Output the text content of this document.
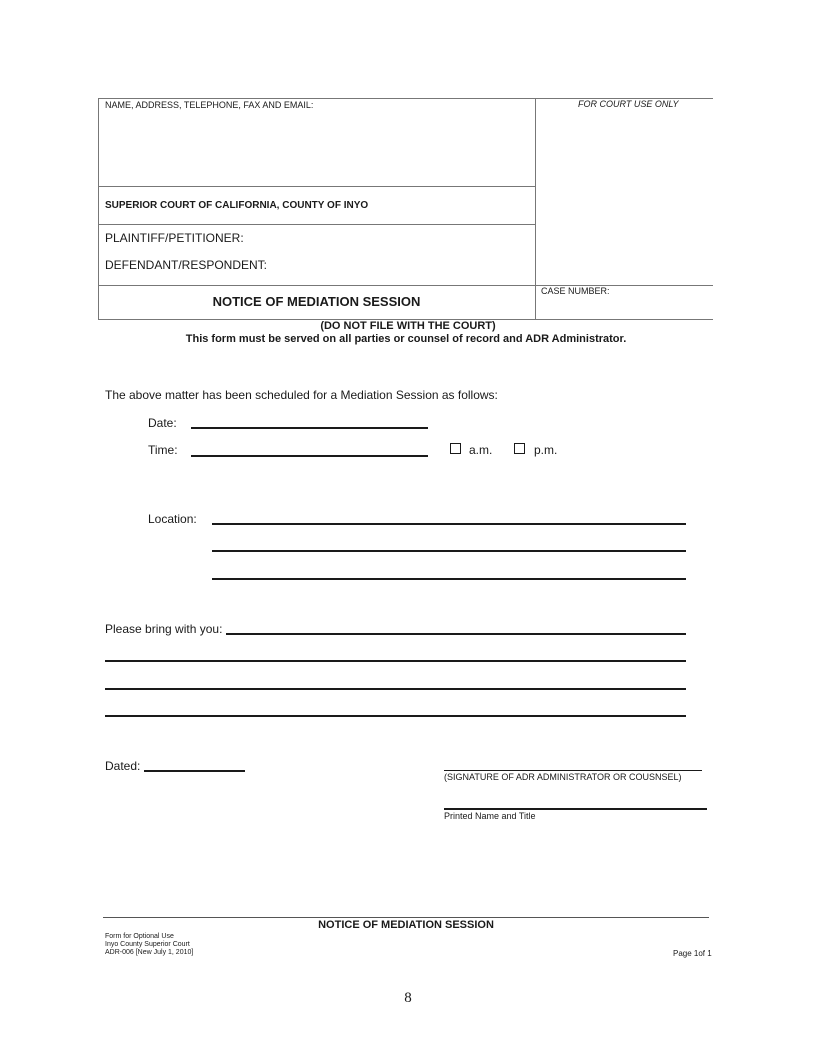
NAME, ADDRESS, TELEPHONE, FAX AND EMAIL:	FOR COURT USE ONLY
SUPERIOR COURT OF CALIFORNIA, COUNTY OF INYO
PLAINTIFF/PETITIONER:
DEFENDANT/RESPONDENT:
NOTICE OF MEDIATION SESSION
CASE NUMBER:
(DO NOT FILE WITH THE COURT)
This form must be served on all parties or counsel of record and ADR Administrator.
The above matter has been scheduled for a Mediation Session as follows:
Date:
Time:	a.m.	p.m.
Location:
Please bring with you:
Dated:
(SIGNATURE OF ADR ADMINISTRATOR OR COUSNSEL)
Printed Name and Title
NOTICE OF MEDIATION SESSION
Form for Optional Use
Inyo County Superior Court
ADR-006 [New July 1, 2010]	Page 1of 1
8
